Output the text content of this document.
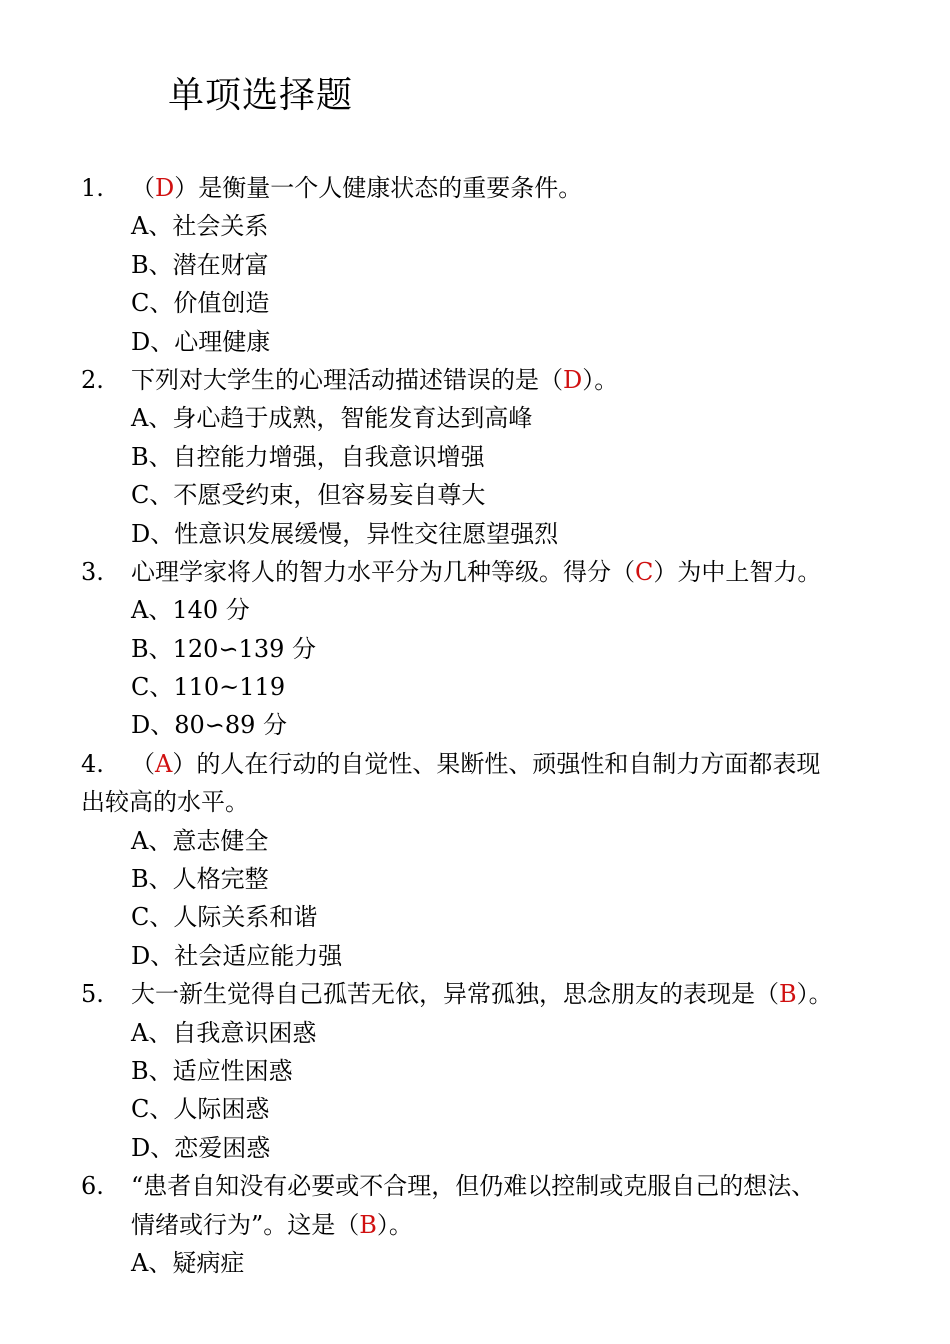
单项选择题
1. （D）是衡量一个人健康状态的重要条件。
A、社会关系
B、潜在财富
C、价值创造
D、心理健康
2. 下列对大学生的心理活动描述错误的是（D）。
A、身心趋于成熟，智能发育达到高峰
B、自控能力增强，自我意识增强
C、不愿受约束，但容易妄自尊大
D、性意识发展缓慢，异性交往愿望强烈
3. 心理学家将人的智力水平分为几种等级。得分（C）为中上智力。
A、140 分
B、120∽139 分
C、110~119
D、80∽89 分
4. （A）的人在行动的自觉性、果断性、顽强性和自制力方面都表现
出较高的水平。
A、意志健全
B、人格完整
C、人际关系和谐
D、社会适应能力强
5. 大一新生觉得自己孤苦无依，异常孤独，思念朋友的表现是（B）。
A、自我意识困惑
B、适应性困惑
C、人际困惑
D、恋爱困惑
6. “患者自知没有必要或不合理，但仍难以控制或克服自己的想法、
情绪或行为”。这是（B）。
A、疑病症
